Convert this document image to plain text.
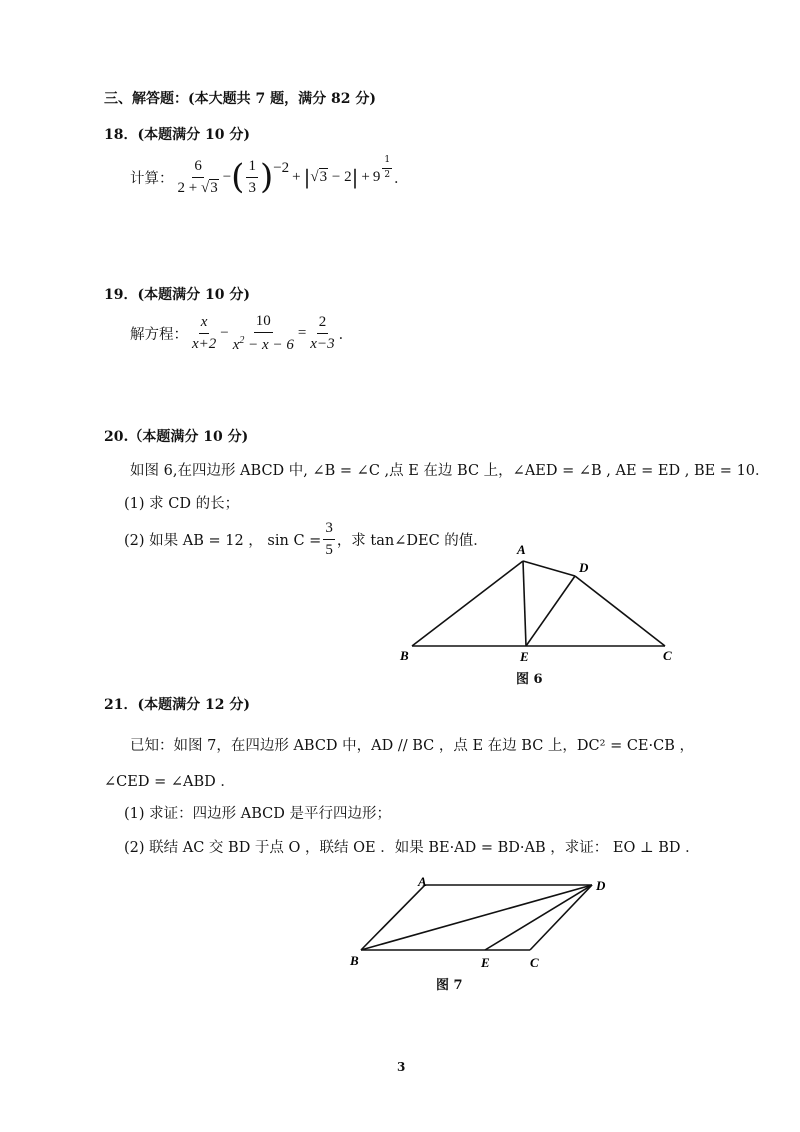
三、解答题：(本大题共 7 题，满分 82 分)
18．(本题满分 10 分)
计算： $\frac{6}{2 + √3}$ − ( $\frac{1}{3}$ ) −2
+ | √3 − 2 | + $9 \frac{1}{2}$ ．
19．(本题满分 10 分)
解方程： $\frac{x}{x+2} - \frac{10}{x^2 - x - 6} = \frac{2}{x-3}$ ．
20.（本题满分 10 分)
如图 6,在四边形 ABCD 中, ∠B = ∠C ,点 E 在边 BC 上，∠AED = ∠B , AE = ED , BE = 10．
(1) 求 CD 的长；
(2) 如果 AB = 12 ， $\sin C = \frac{3}{5}$ ，求 tan∠DEC 的值．
A
D
B	E	C
图 6
21．(本题满分 12 分)
已知：如图 7，在四边形 ABCD 中，AD // BC ，点 E 在边 BC 上，DC² = CE·CB ，
∠CED = ∠ABD ．
(1) 求证：四边形 ABCD 是平行四边形；
(2) 联结 AC 交 BD 于点 O ，联结 OE ．如果 BE·AD = BD·AB ，求证： EO ⊥ BD ．
A	D
B	E	C
图 7
3
